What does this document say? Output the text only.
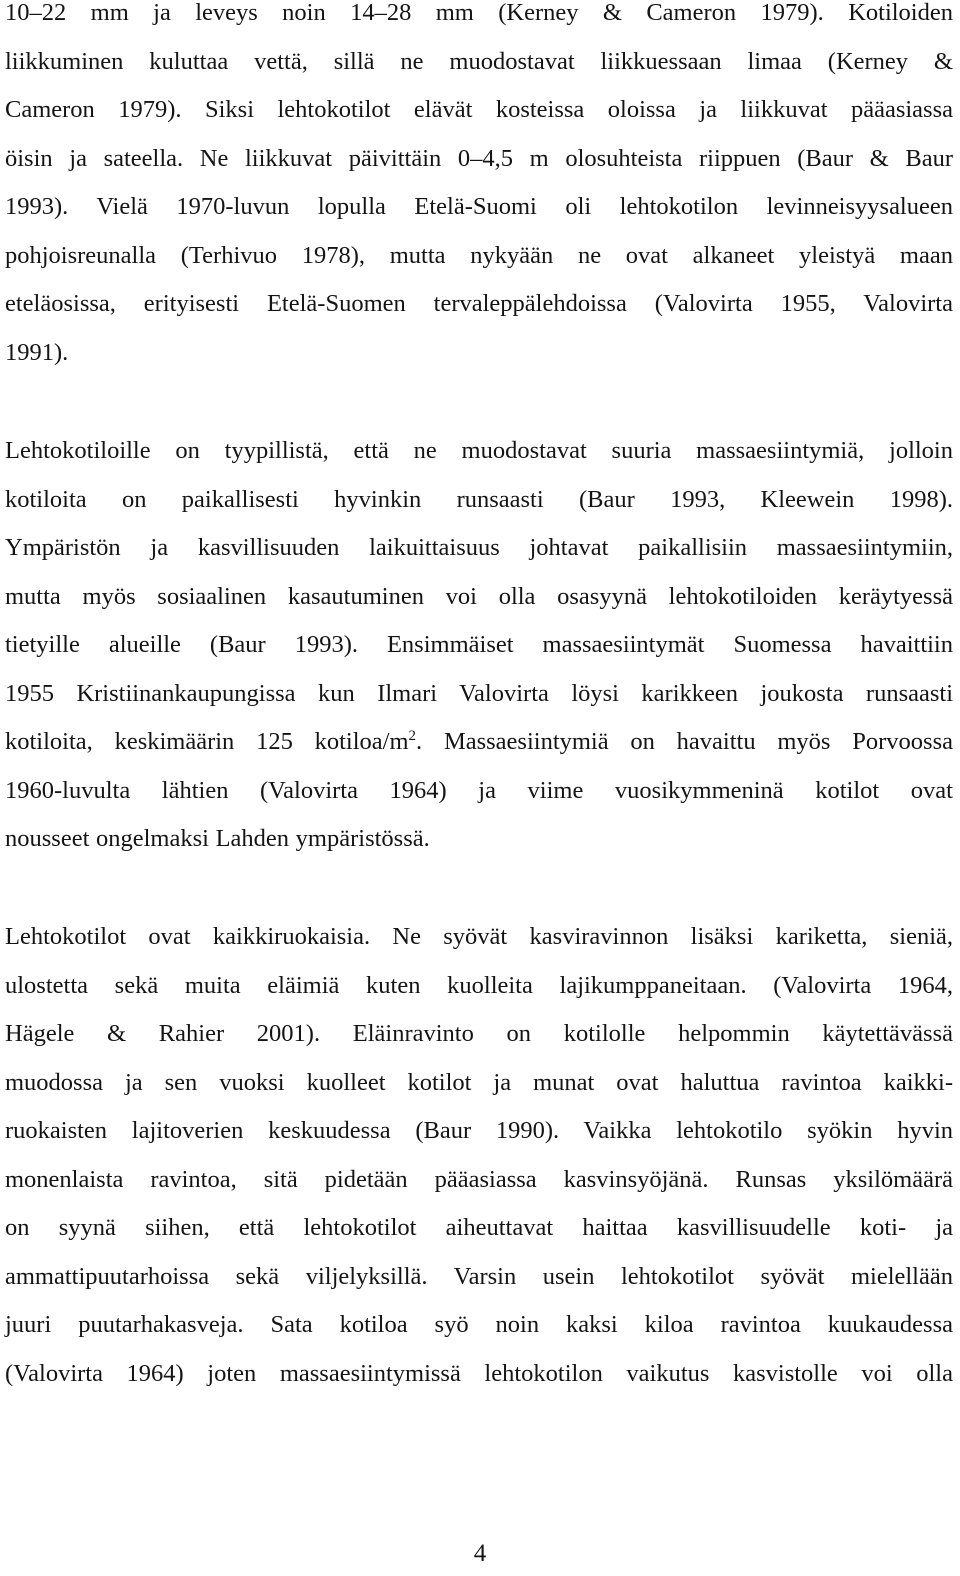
10–22 mm ja leveys noin 14–28 mm (Kerney & Cameron 1979). Kotiloiden
liikkuminen kuluttaa vettä, sillä ne muodostavat liikkuessaan limaa (Kerney &
Cameron 1979). Siksi lehtokotilot elävät kosteissa oloissa ja liikkuvat pääasiassa
öisin ja sateella. Ne liikkuvat päivittäin 0–4,5 m olosuhteista riippuen (Baur & Baur
1993). Vielä 1970-luvun lopulla Etelä-Suomi oli lehtokotilon levinneisyysalueen
pohjoisreunalla (Terhivuo 1978), mutta nykyään ne ovat alkaneet yleistyä maan
eteläosissa, erityisesti Etelä-Suomen tervaleppälehdoissa (Valovirta 1955, Valovirta
1991).

Lehtokotiloille on tyypillistä, että ne muodostavat suuria massaesiintymiä, jolloin
kotiloita on paikallisesti hyvinkin runsaasti (Baur 1993, Kleewein 1998).
Ympäristön ja kasvillisuuden laikuittaisuus johtavat paikallisiin massaesiintymiin,
mutta myös sosiaalinen kasautuminen voi olla osasyynä lehtokotiloiden keräytyessä
tietyille alueille (Baur 1993). Ensimmäiset massaesiintymät Suomessa havaittiin
1955 Kristiinankaupungissa kun Ilmari Valovirta löysi karikkeen joukosta runsaasti
kotiloita, keskimäärin 125 kotiloa/$m^2$. Massaesiintymiä on havaittu myös Porvoossa
1960-luvulta lähtien (Valovirta 1964) ja viime vuosikymmeninä kotilot ovat
nousseet ongelmaksi Lahden ympäristössä.

Lehtokotilot ovat kaikkiruokaisia. Ne syövät kasviravinnon lisäksi kariketta, sieniä,
ulostetta sekä muita eläimiä kuten kuolleita lajikumppaneitaan. (Valovirta 1964,
Hägele & Rahier 2001). Eläinravinto on kotilolle helpommin käytettävässä
muodossa ja sen vuoksi kuolleet kotilot ja munat ovat haluttua ravintoa kaikki-
ruokaisten lajitoverien keskuudessa (Baur 1990). Vaikka lehtokotilo syökin hyvin
monenlaista ravintoa, sitä pidetään pääasiassa kasvinsyöjänä. Runsas yksilömäärä
on syynä siihen, että lehtokotilot aiheuttavat haittaa kasvillisuudelle koti- ja
ammattipuutarhoissa sekä viljelyksillä. Varsin usein lehtokotilot syövät mielellään
juuri puutarhakasveja. Sata kotiloa syö noin kaksi kiloa ravintoa kuukaudessa
(Valovirta 1964) joten massaesiintymissä lehtokotilon vaikutus kasvistolle voi olla

4
